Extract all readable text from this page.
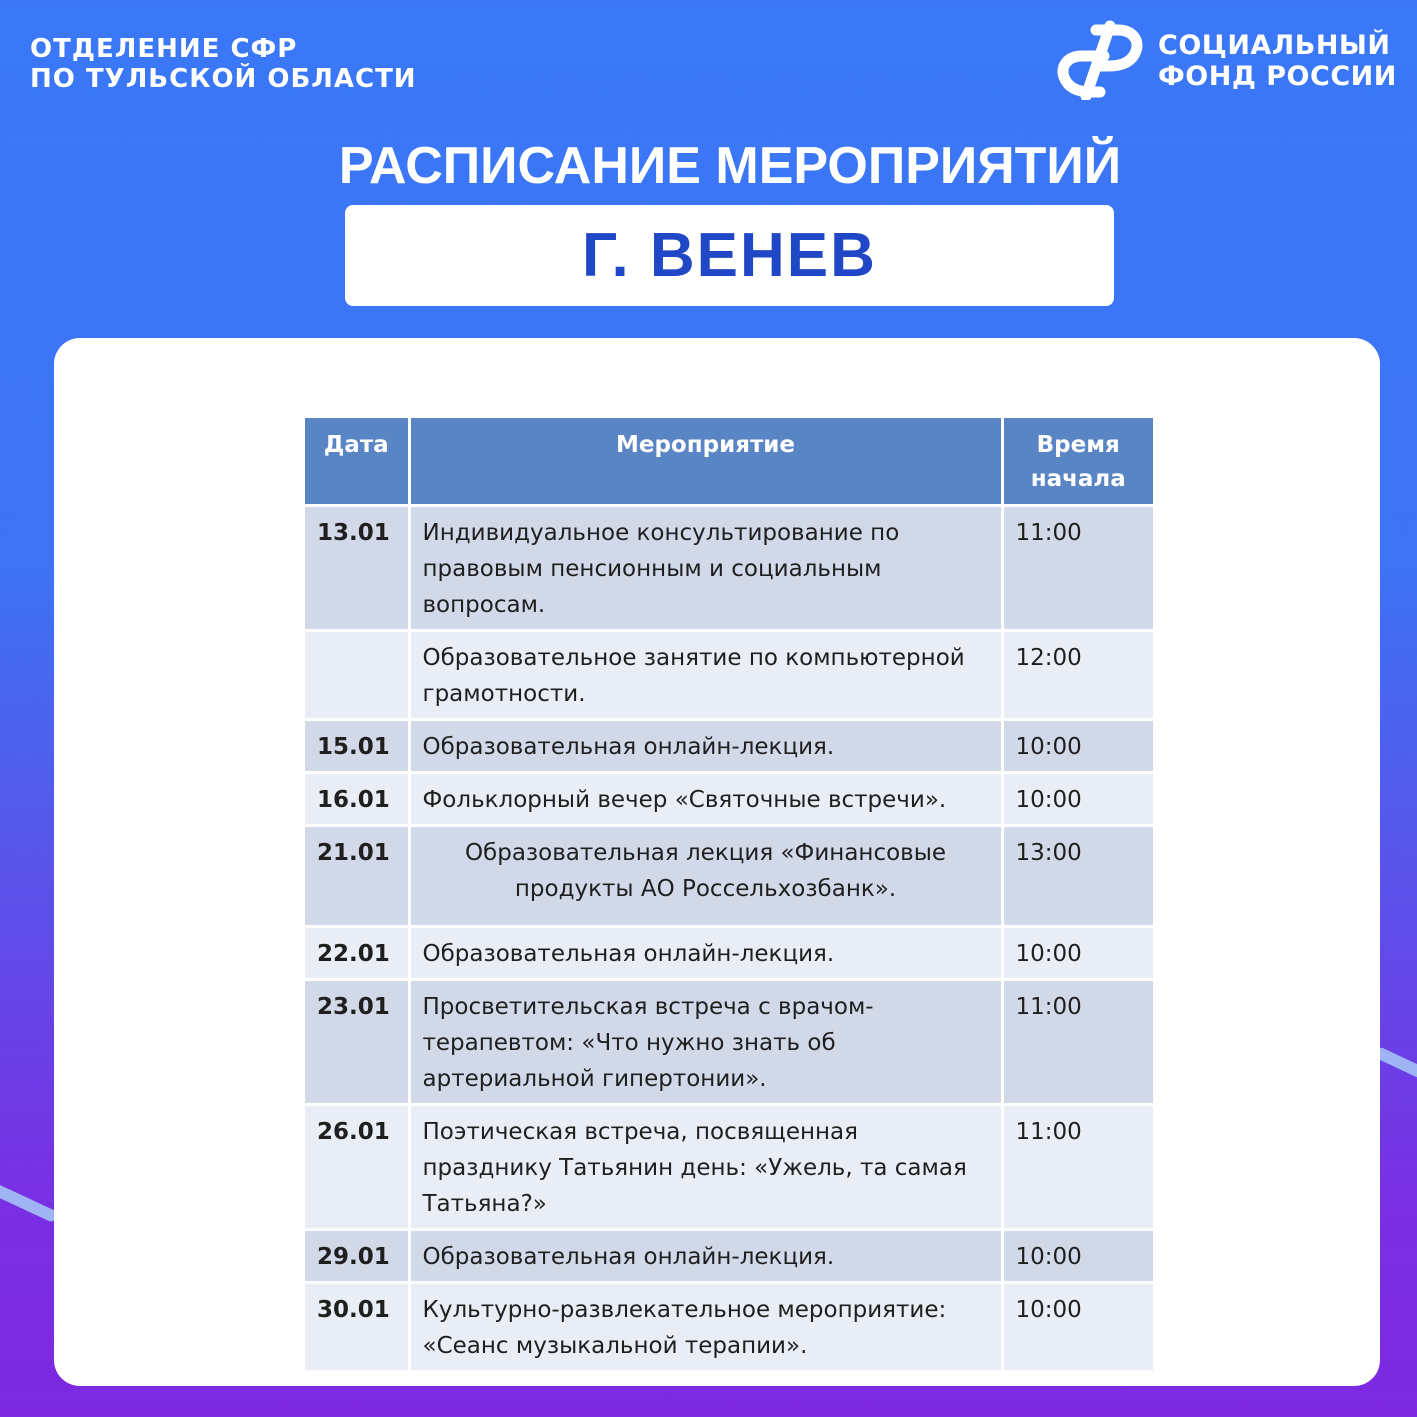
ОТДЕЛЕНИЕ СФР
ПО ТУЛЬСКОЙ ОБЛАСТИ
СОЦИАЛЬНЫЙ
ФОНД РОССИИ
РАСПИСАНИЕ МЕРОПРИЯТИЙ
Г. ВЕНЕВ
Дата	Мероприятие	Время начала
13.01	Индивидуальное консультирование по правовым пенсионным и социальным вопросам.	11:00
	Образовательное занятие по компьютерной грамотности.	12:00
15.01	Образовательная онлайн-лекция.	10:00
16.01	Фольклорный вечер «Святочные встречи».	10:00
21.01	Образовательная лекция «Финансовые продукты АО Россельхозбанк».	13:00
22.01	Образовательная онлайн-лекция.	10:00
23.01	Просветительская встреча с врачом-терапевтом: «Что нужно знать об артериальной гипертонии».	11:00
26.01	Поэтическая встреча, посвященная празднику Татьянин день: «Ужель, та самая Татьяна?»	11:00
29.01	Образовательная онлайн-лекция.	10:00
30.01	Культурно-развлекательное мероприятие: «Сеанс музыкальной терапии».	10:00
